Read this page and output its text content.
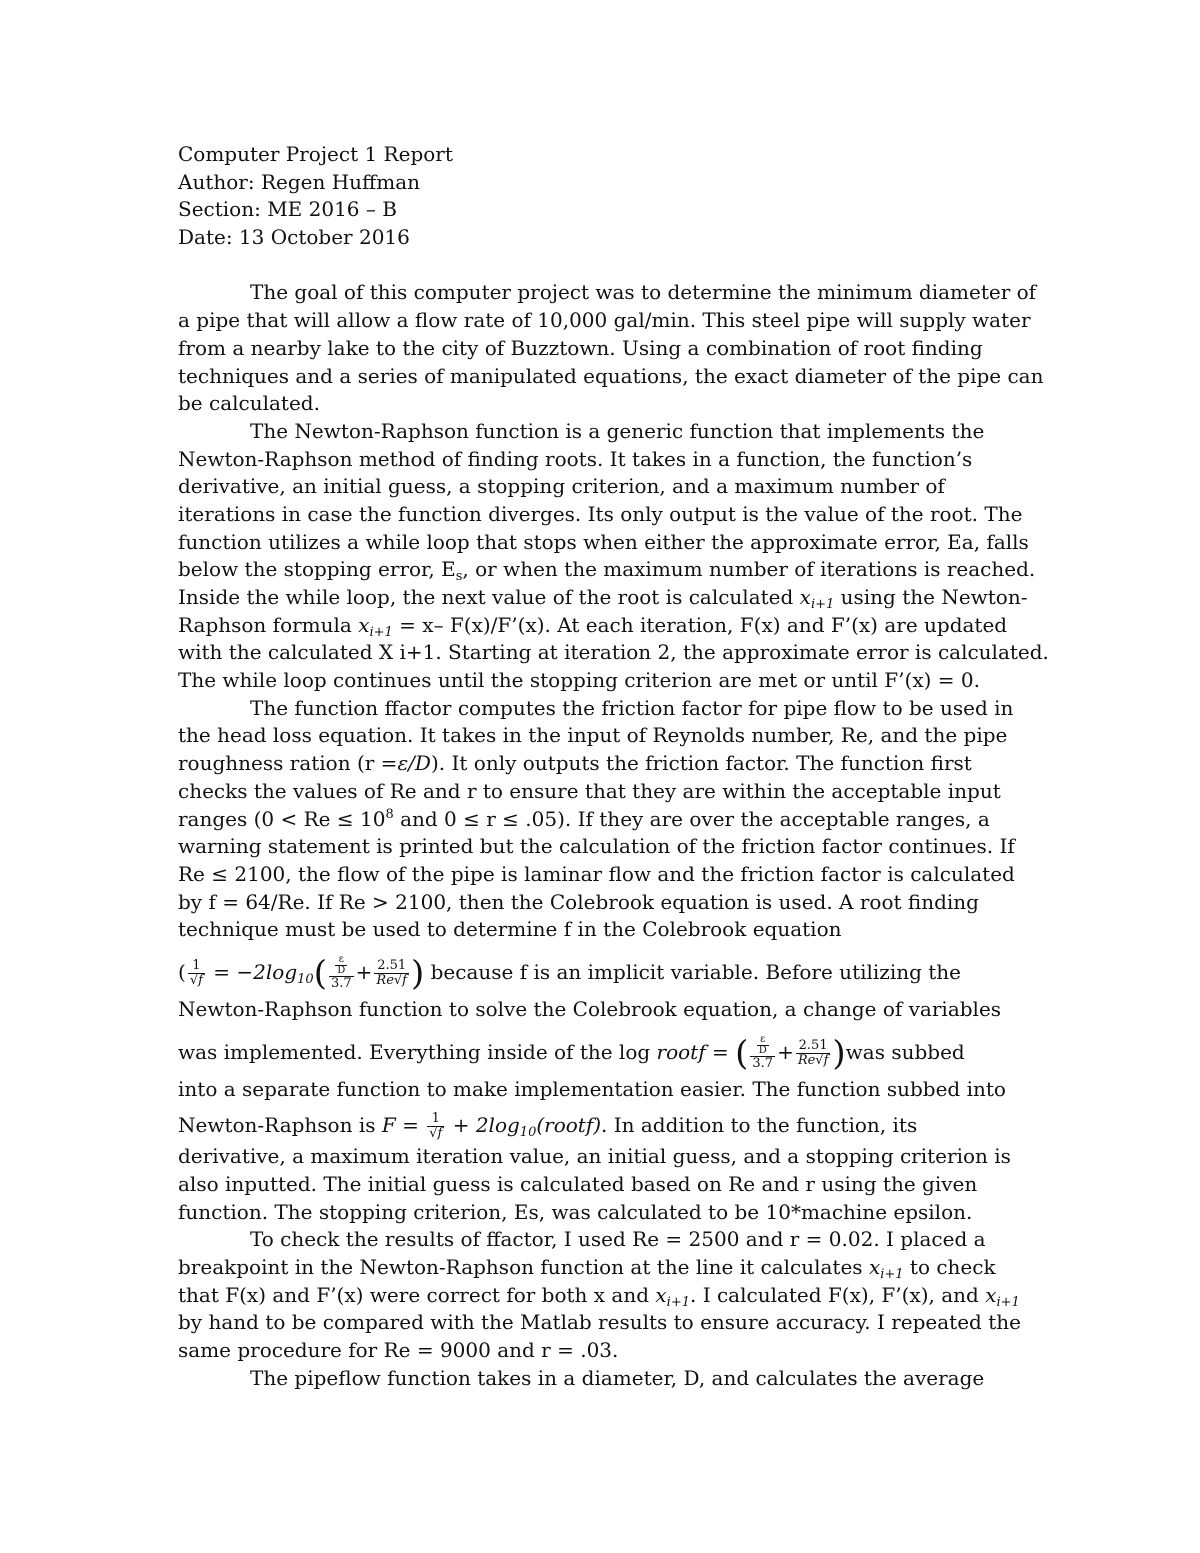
Computer Project 1 Report
Author: Regen Huffman
Section: ME 2016 – B
Date: 13 October 2016
The goal of this computer project was to determine the minimum diameter of
a pipe that will allow a flow rate of 10,000 gal/min. This steel pipe will supply water
from a nearby lake to the city of Buzztown. Using a combination of root finding
techniques and a series of manipulated equations, the exact diameter of the pipe can
be calculated.
The Newton-Raphson function is a generic function that implements the
Newton-Raphson method of finding roots. It takes in a function, the function’s
derivative, an initial guess, a stopping criterion, and a maximum number of
iterations in case the function diverges. Its only output is the value of the root. The
function utilizes a while loop that stops when either the approximate error, Ea, falls
below the stopping error, $E_s$, or when the maximum number of iterations is reached.
Inside the while loop, the next value of the root is calculated $x_{i+1}$ using the Newton-
Raphson formula $x_{i+1} = x-$ F(x)/F’(x). At each iteration, F(x) and F’(x) are updated
with the calculated X i+1. Starting at iteration 2, the approximate error is calculated.
The while loop continues until the stopping criterion are met or until F’(x) = 0.
The function ffactor computes the friction factor for pipe flow to be used in
the head loss equation. It takes in the input of Reynolds number, Re, and the pipe
roughness ration (r =ε/D). It only outputs the friction factor. The function first
checks the values of Re and r to ensure that they are within the acceptable input
ranges ($0 < Re \le 10^8$ and 0 ≤ r ≤ .05). If they are over the acceptable ranges, a
warning statement is printed but the calculation of the friction factor continues. If
Re ≤ 2100, the flow of the pipe is laminar flow and the friction factor is calculated
by f = 64/Re. If Re > 2100, then the Colebrook equation is used. A root finding
technique must be used to determine f in the Colebrook equation
( $\frac{1}{√f} = -2\log_{10}( \frac{\frac{\varepsilon}{D}}{3.7} + \frac{2.51}{Re√f}$ ) because f is an implicit variable. Before utilizing the
Newton-Raphson function to solve the Colebrook equation, a change of variables
was implemented. Everything inside of the log rootf = ( $\frac{\frac{\varepsilon}{D}}{3.7} + \frac{2.51}{Re√f} )was$ subbed
into a separate function to make implementation easier. The function subbed into
Newton-Raphson is $F = \frac{1}{√f}$ + $2\log_{10}(rootf)$. In addition to the function, its
derivative, a maximum iteration value, an initial guess, and a stopping criterion is
also inputted. The initial guess is calculated based on Re and r using the given
function. The stopping criterion, Es, was calculated to be 10*machine epsilon.
To check the results of ffactor, I used Re = 2500 and r = 0.02. I placed a
breakpoint in the Newton-Raphson function at the line it calculates $x_{i+1}$ to check
that F(x) and F’(x) were correct for both x and $x_{i+1}$. I calculated F(x), F’(x), and $x_{i+1}$
by hand to be compared with the Matlab results to ensure accuracy. I repeated the
same procedure for Re = 9000 and r = .03.
The pipeflow function takes in a diameter, D, and calculates the average
